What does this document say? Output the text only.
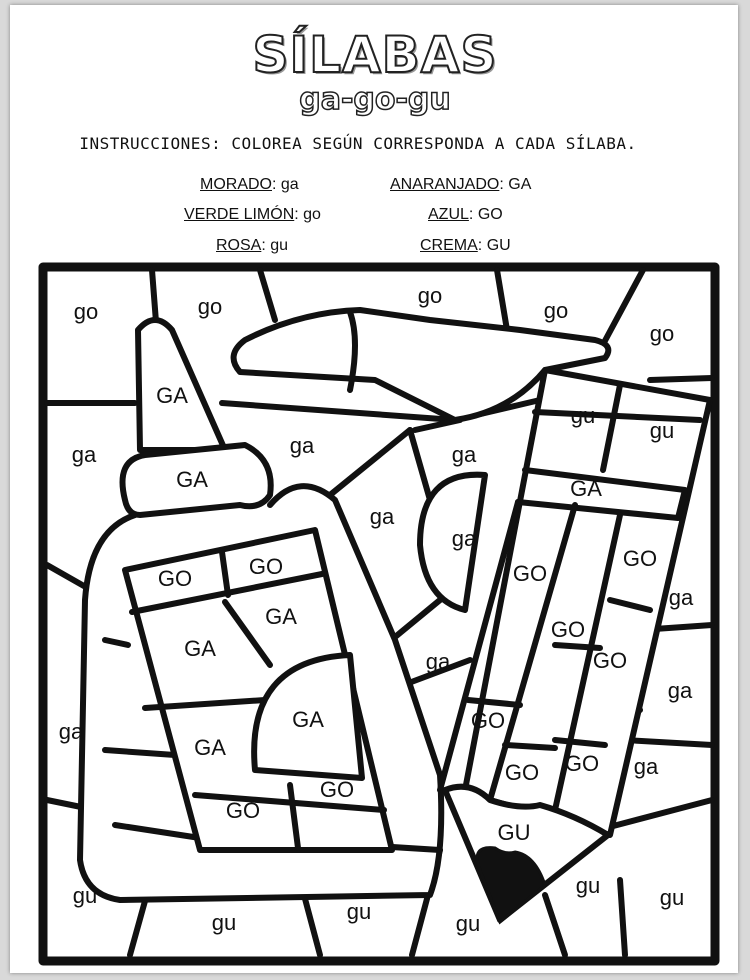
SÍLABAS
ga-go-gu
INSTRUCCIONES: COLOREA SEGÚN CORRESPONDA A CADA SÍLABA.
MORADO: ga	ANARANJADO: GA
VERDE LIMÓN: go	AZUL: GO
ROSA: gu	CREMA: GU
go	go	go
go
go
GA
GA
ga	ga	ga
ga
ga
GO	GO
GA
GA
GA
GA
GO
GO
gu
gu
GA
GO
GO
GO
GO
GO
GO GO
GU
ga
ga
ga
ga
ga
gu
gu	gu	gu
gu	gu
